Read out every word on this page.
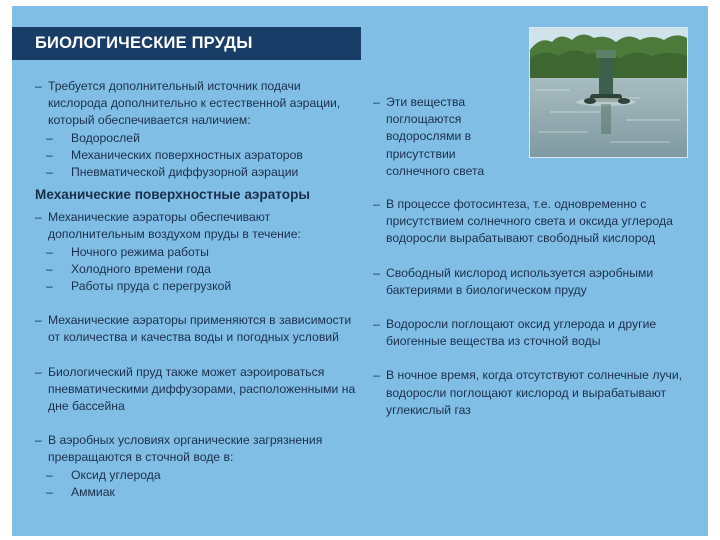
БИОЛОГИЧЕСКИЕ ПРУДЫ
– Требуется дополнительный источник подачи кислорода дополнительно к естественной аэрации, который обеспечивается наличием:
– Водорослей
– Механических поверхностных аэраторов
– Пневматической диффузорной аэрации
Механические поверхностные аэраторы
– Механические аэраторы обеспечивают дополнительным воздухом пруды в течение:
– Ночного режима работы
– Холодного времени года
– Работы пруда с перегрузкой
– Механические аэраторы применяются в зависимости от количества и качества воды и погодных условий
– Биологический пруд также может аэроироваться пневматическими диффузорами, расположенными на дне бассейна
– В аэробных условиях органические загрязнения превращаются в сточной воде в:
– Оксид углерода
– Аммиак
– Эти вещества поглощаются водорослями в присутствии солнечного света
– В процессе фотосинтеза, т.е. одновременно с присутствием солнечного света и оксида углерода водоросли вырабатывают свободный кислород
– Свободный кислород используется аэробными бактериями в биологическом пруду
– Водоросли поглощают оксид углерода и другие биогенные вещества из сточной воды
– В ночное время, когда отсутствуют солнечные лучи, водоросли поглощают кислород и вырабатывают углекислый газ
